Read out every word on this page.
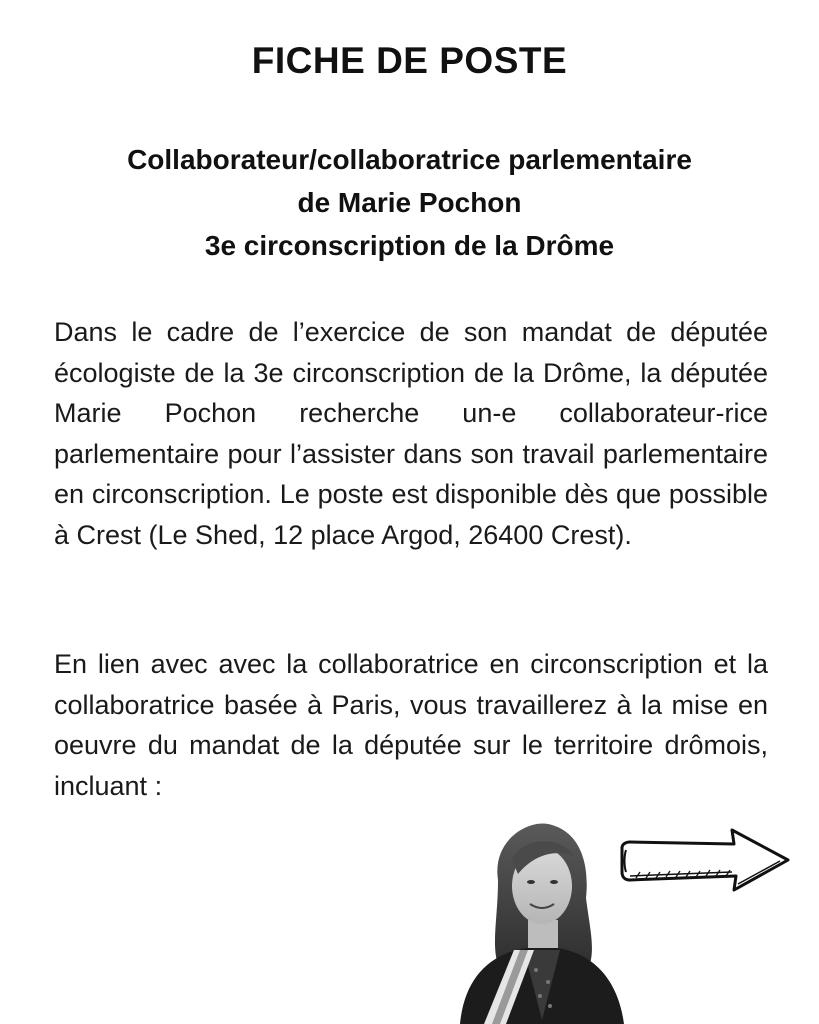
FICHE DE POSTE
Collaborateur/collaboratrice parlementaire
de Marie Pochon
3e circonscription de la Drôme

Dans le cadre de l’exercice de son mandat de députée écologiste de la 3e circonscription de la Drôme, la députée Marie Pochon recherche un-e collaborateur-rice parlementaire pour l’assister dans son travail parlementaire en circonscription. Le poste est disponible dès que possible à Crest (Le Shed, 12 place Argod, 26400 Crest).

En lien avec avec la collaboratrice en circonscription et la collaboratrice basée à Paris, vous travaillerez à la mise en oeuvre du mandat de la députée sur le territoire drômois, incluant :
